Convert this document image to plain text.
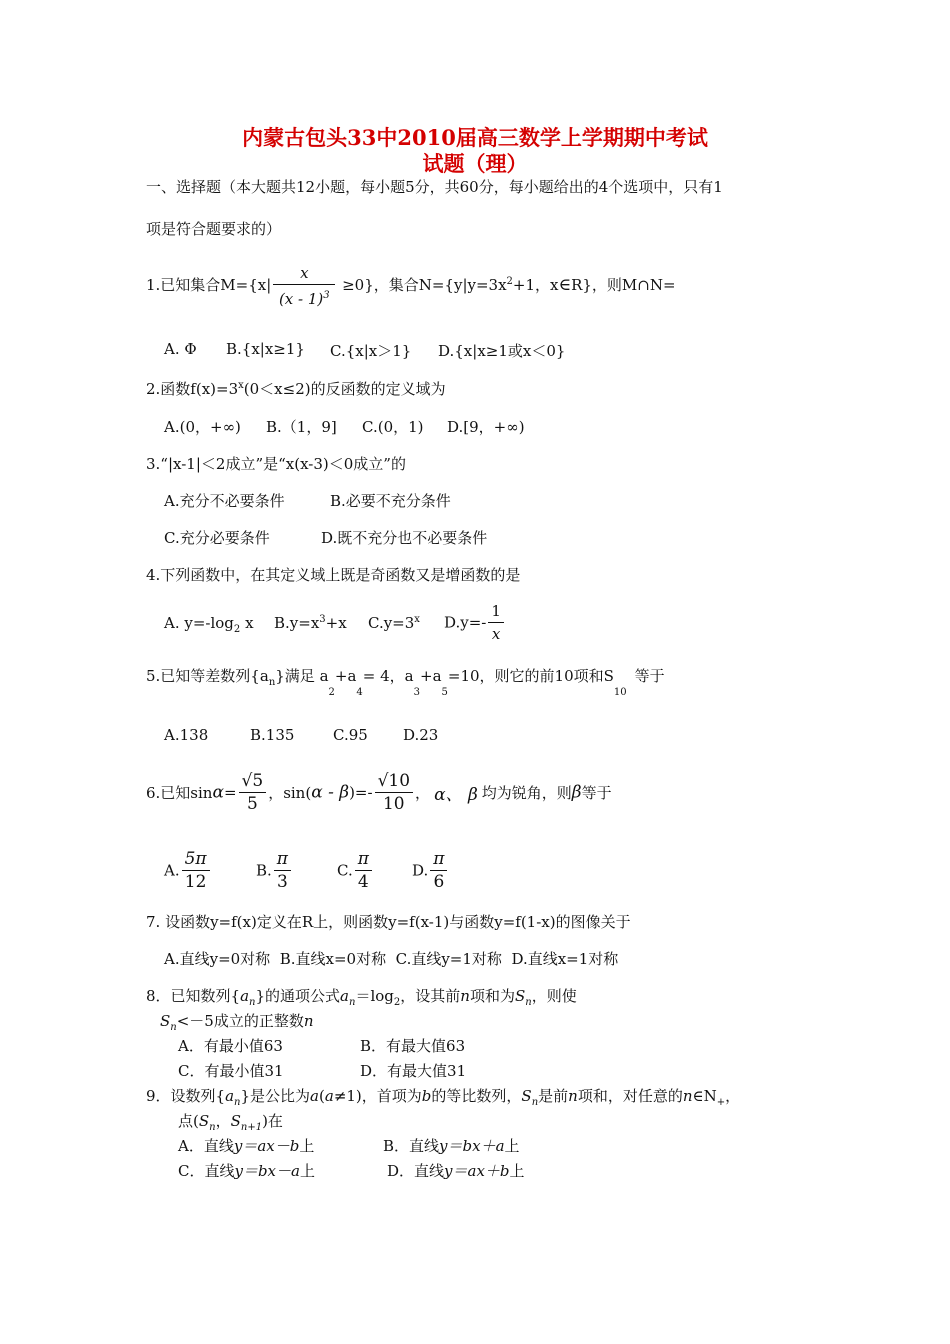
内蒙古包头33中2010届高三数学上学期期中考试
试题（理）
一、选择题（本大题共12小题，每小题5分，共60分，每小题给出的4个选项中，只有1
项是符合题要求的）
1.已知集合$M=\{x| \frac{x}{(x - 1)^3} \ge 0\}$，集合$N=\{y|y=3x^2+1$，x∈R}，则M∩N=
A. Φ B.{x|x≥1} C.{x|x＞1} D.{x|x≥1或x＜0}
2.函数$f(x)=3^x(0<x\le 2)$的反函数的定义域为
A.(0，+∞) B.（1，9] C.(0，1) D.[9，+∞)
3.“|x-1|＜2成立”是“x(x-3)＜0成立”的
A.充分不必要条件	B.必要不充分条件
C.充分必要条件	D.既不充分也不必要条件
4.下列函数中，在其定义域上既是奇函数又是增函数的是
A. $y=-\log_2$ x $B.y=x^3+x$ $C.y=3^x$ $D.y=- \frac{1}{x}$
5.已知等差数列$\{a_n\}$满足 $a_2+a_4= 4$，$a_3+a_5=10$，则它的前10项和$S_{10}$等于
A.138	B.135	C.95 D.23
6.已知$\sin\alpha= \frac{√5}{5}$ ，$\sin(\alpha - \beta)=- \frac{√10}{10}$ ， α、 β 均为锐角，则β等于
A. $\frac{5\pi}{12}$	B. $\frac{\pi}{3}$	C. $\frac{\pi}{4}$	D. $\frac{\pi}{6}$
7. 设函数y=f(x)定义在R上，则函数y=f(x-1)与函数y=f(1-x)的图像关于
A.直线y=0对称  B.直线x=0对称  C.直线y=1对称  D.直线x=1对称
8．已知数列$\{a_n\}$的通项公式$a_n=\log_2$，设其前n项和为$S_n$，则使
$S_n<-5$成立的正整数n
A．有最小值63	B．有最大值63
C．有最小值31	D．有最大值31
9．设数列$\{a_n\}$是公比为a(a≠1)，首项为b的等比数列，$S_n$是前n项和，对任意的$n\in N_+$，
点($S_n$，$S_{n+1}$)在
A．直线y＝ax－b上	B．直线y＝bx＋a上
C．直线y＝bx－a上	D．直线y＝ax＋b上
